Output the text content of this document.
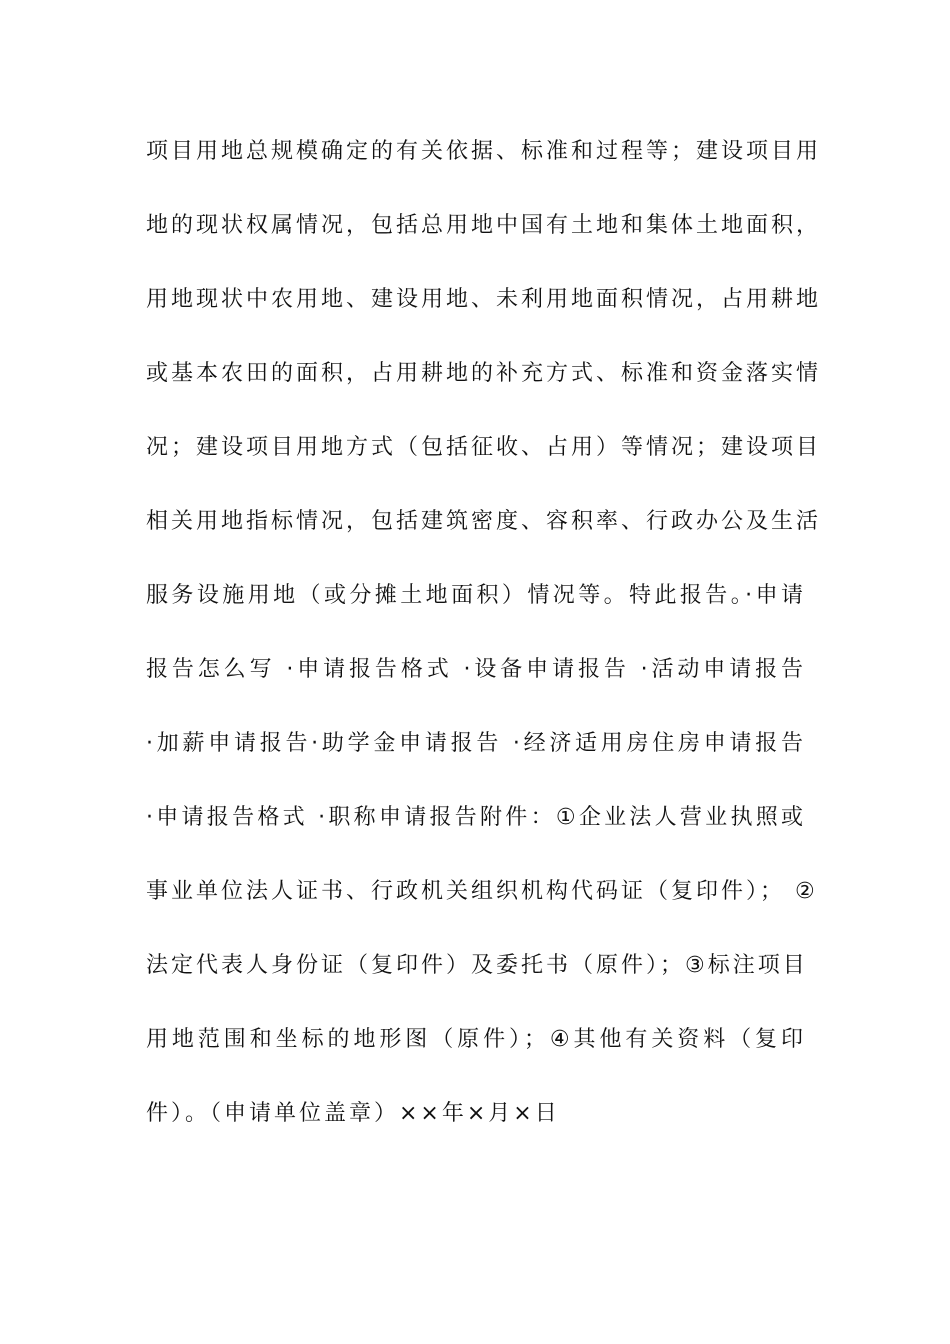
项目用地总规模确定的有关依据、标准和过程等；建设项目用
地的现状权属情况，包括总用地中国有土地和集体土地面积，
用地现状中农用地、建设用地、未利用地面积情况，占用耕地
或基本农田的面积，占用耕地的补充方式、标准和资金落实情
况；建设项目用地方式（包括征收、占用）等情况；建设项目
相关用地指标情况，包括建筑密度、容积率、行政办公及生活
服务设施用地（或分摊土地面积）情况等。特此报告。·申请
报告怎么写 ·申请报告格式 ·设备申请报告 ·活动申请报告
·加薪申请报告·助学金申请报告 ·经济适用房住房申请报告
·申请报告格式 ·职称申请报告附件：①企业法人营业执照或
事业单位法人证书、行政机关组织机构代码证（复印件）； ②
法定代表人身份证（复印件）及委托书（原件）；③标注项目
用地范围和坐标的地形图（原件）；④其他有关资料（复印
件）。（申请单位盖章）××年×月×日
